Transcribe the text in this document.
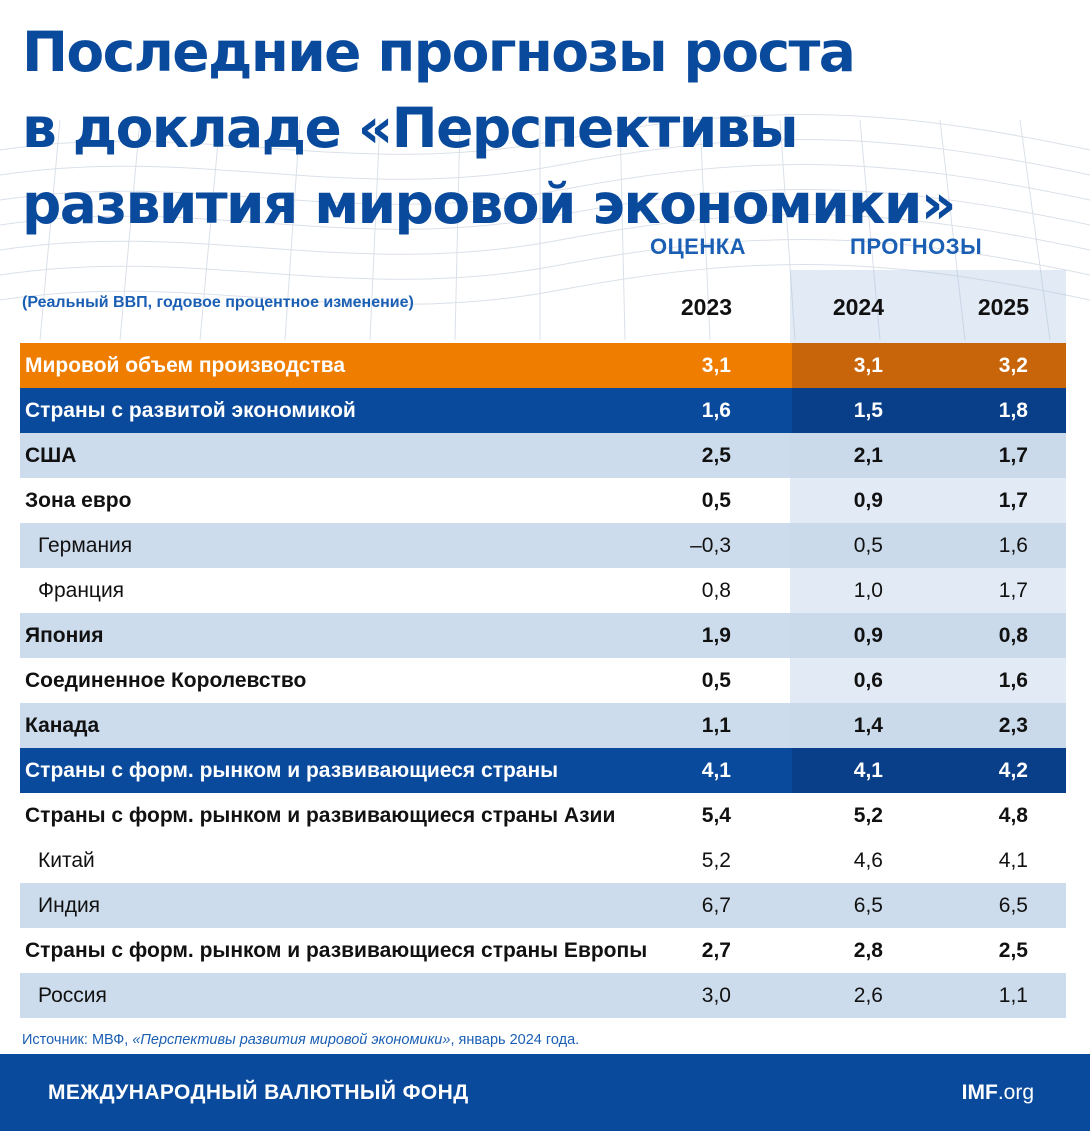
Последние прогнозы роста
в докладе «Перспективы
развития мировой экономики»
ОЦЕНКА	ПРОГНОЗЫ
(Реальный ВВП, годовое процентное изменение)	2023	2024	2025
Мировой объем производства	3,1	3,1	3,2
Страны с развитой экономикой	1,6	1,5	1,8
США	2,5	2,1	1,7
Зона евро	0,5	0,9	1,7
Германия	–0,3	0,5	1,6
Франция	0,8	1,0	1,7
Япония	1,9	0,9	0,8
Соединенное Королевство	0,5	0,6	1,6
Канада	1,1	1,4	2,3
Страны с форм. рынком и развивающиеся страны	4,1	4,1	4,2
Страны с форм. рынком и развивающиеся страны Азии	5,4	5,2	4,8
Китай	5,2	4,6	4,1
Индия	6,7	6,5	6,5
Страны с форм. рынком и развивающиеся страны Европы	2,7	2,8	2,5
Россия	3,0	2,6	1,1
Источник: МВФ, «Перспективы развития мировой экономики», январь 2024 года.
МЕЖДУНАРОДНЫЙ ВАЛЮТНЫЙ ФОНД	IMF.org
